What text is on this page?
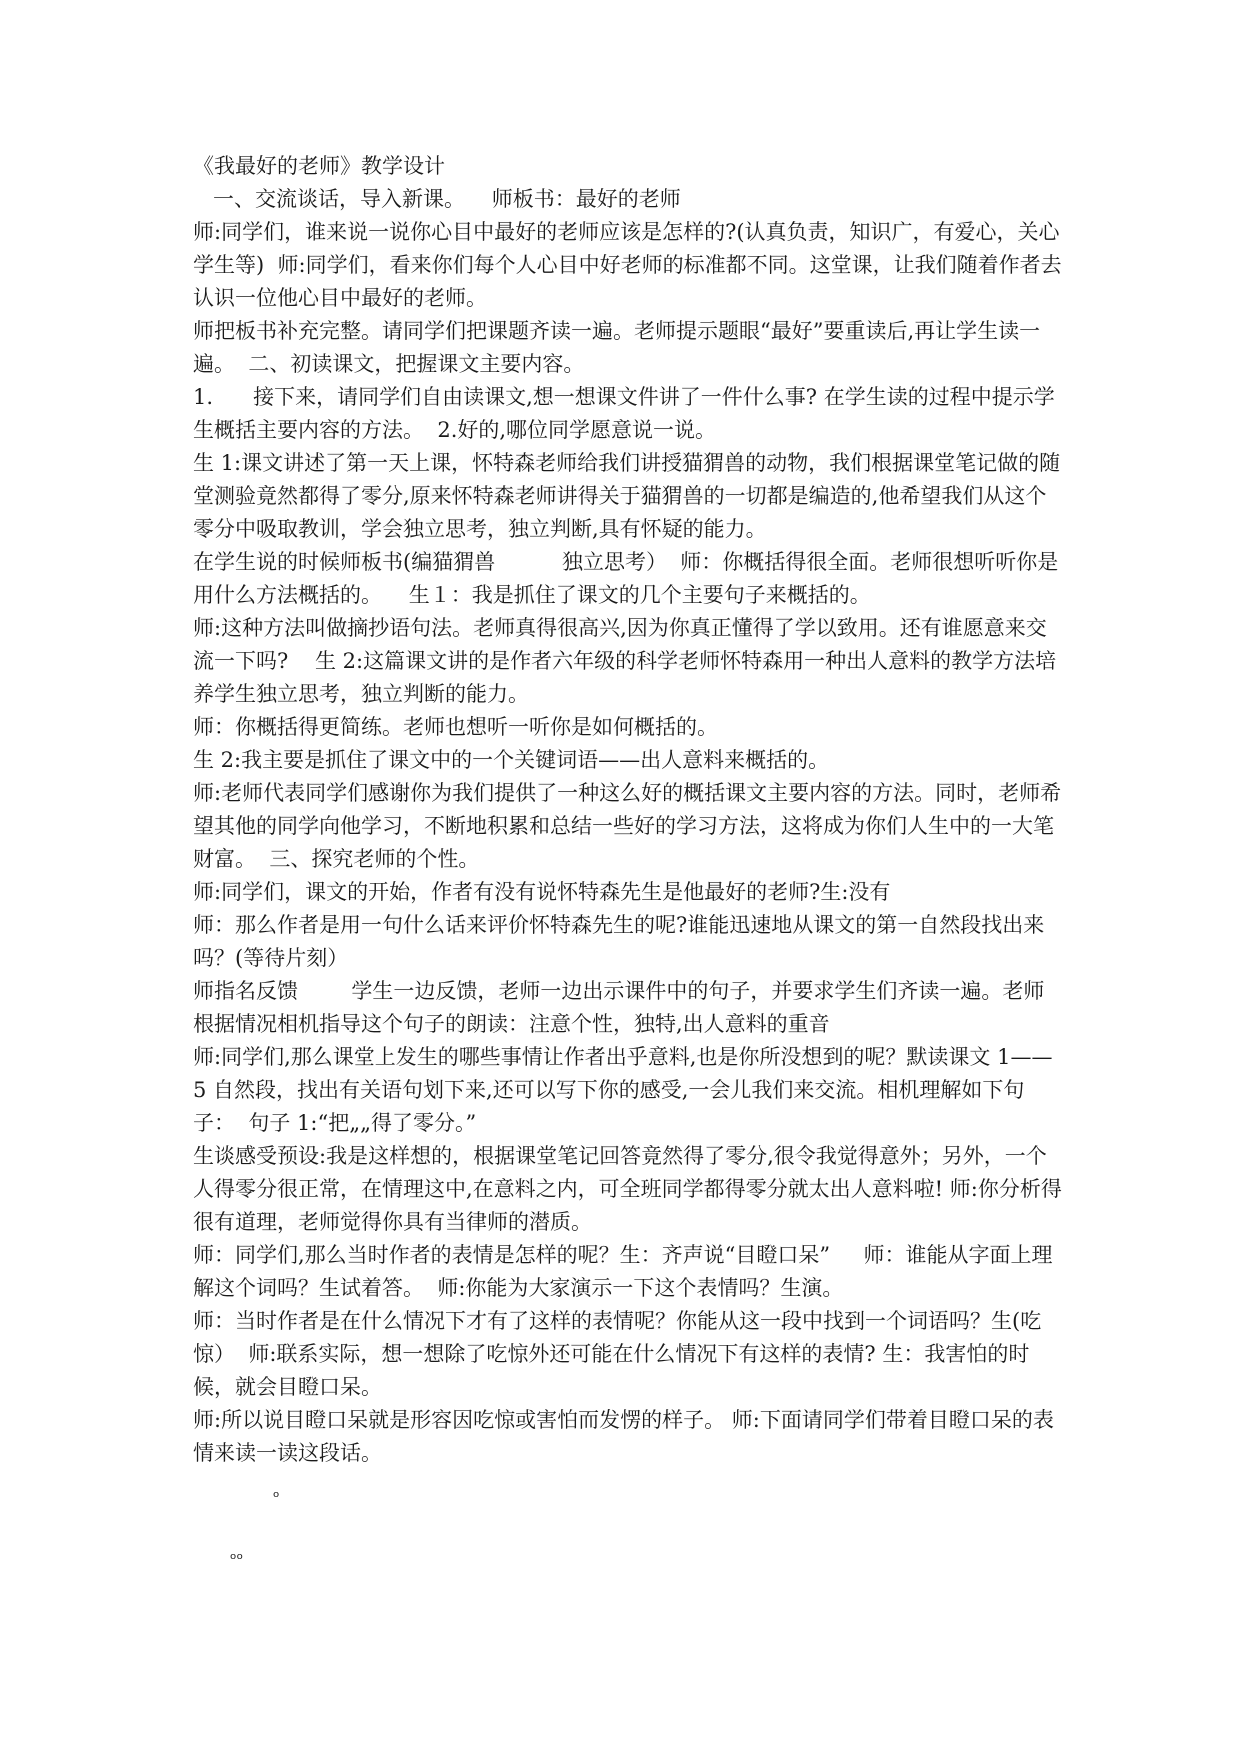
《我最好的老师》教学设计

一、交流谈话，导入新课。    师板书：最好的老师

师:同学们，谁来说一说你心目中最好的老师应该是怎样的?(认真负责，知识广，有爱心，关心学生等)  师:同学们，看来你们每个人心目中好老师的标准都不同。这堂课，让我们随着作者去认识一位他心目中最好的老师。

师把板书补充完整。请同学们把课题齐读一遍。老师提示题眼“最好”要重读后,再让学生读一遍。  二、初读课文，把握课文主要内容。

1.      接下来，请同学们自由读课文,想一想课文件讲了一件什么事? 在学生读的过程中提示学生概括主要内容的方法。  2.好的,哪位同学愿意说一说。

生 1:课文讲述了第一天上课，怀特森老师给我们讲授猫猬兽的动物，我们根据课堂笔记做的随堂测验竟然都得了零分,原来怀特森老师讲得关于猫猬兽的一切都是编造的,他希望我们从这个零分中吸取教训，学会独立思考，独立判断,具有怀疑的能力。

在学生说的时候师板书(编猫猬兽          独立思考）  师：你概括得很全面。老师很想听听你是用什么方法概括的。    生１：我是抓住了课文的几个主要句子来概括的。

师:这种方法叫做摘抄语句法。老师真得很高兴,因为你真正懂得了学以致用。还有谁愿意来交流一下吗?    生 2:这篇课文讲的是作者六年级的科学老师怀特森用一种出人意料的教学方法培养学生独立思考，独立判断的能力。

师：你概括得更简练。老师也想听一听你是如何概括的。

生 2:我主要是抓住了课文中的一个关键词语——出人意料来概括的。

师:老师代表同学们感谢你为我们提供了一种这么好的概括课文主要内容的方法。同时，老师希望其他的同学向他学习，不断地积累和总结一些好的学习方法，这将成为你们人生中的一大笔财富。  三、探究老师的个性。

师:同学们，课文的开始，作者有没有说怀特森先生是他最好的老师?生:没有

师：那么作者是用一句什么话来评价怀特森先生的呢?谁能迅速地从课文的第一自然段找出来吗？(等待片刻）

师指名反馈        学生一边反馈，老师一边出示课件中的句子，并要求学生们齐读一遍。老师根据情况相机指导这个句子的朗读：注意个性，独特,出人意料的重音

师:同学们,那么课堂上发生的哪些事情让作者出乎意料,也是你所没想到的呢？默读课文 1——5 自然段，找出有关语句划下来,还可以写下你的感受,一会儿我们来交流。相机理解如下句子：  句子 1:“把„„得了零分。”

生谈感受预设:我是这样想的，根据课堂笔记回答竟然得了零分,很令我觉得意外；另外，一个人得零分很正常，在情理这中,在意料之内，可全班同学都得零分就太出人意料啦! 师:你分析得很有道理，老师觉得你具有当律师的潜质。

师：同学们,那么当时作者的表情是怎样的呢？生：齐声说“目瞪口呆”     师：谁能从字面上理解这个词吗？生试着答。  师:你能为大家演示一下这个表情吗？生演。

师：当时作者是在什么情况下才有了这样的表情呢？你能从这一段中找到一个词语吗？生(吃惊）  师:联系实际，想一想除了吃惊外还可能在什么情况下有这样的表情? 生：我害怕的时候，就会目瞪口呆。

师:所以说目瞪口呆就是形容因吃惊或害怕而发愣的样子。 师:下面请同学们带着目瞪口呆的表情来读一读这段话。

ₒ
ₒₒ
